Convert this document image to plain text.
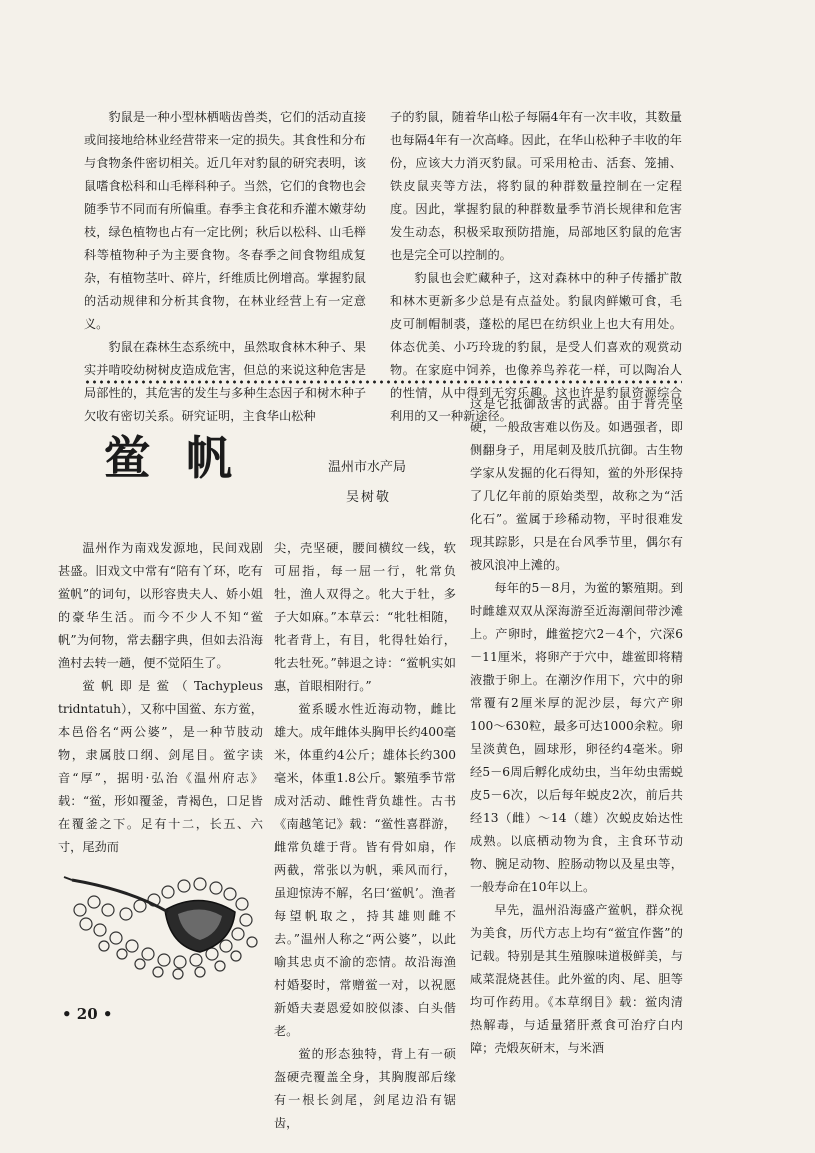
豹鼠是一种小型林栖啮齿兽类，它们的活动直接或间接地给林业经营带来一定的损失。其食性和分布与食物条件密切相关。近几年对豹鼠的研究表明，该鼠嗜食松科和山毛榉科种子。当然，它们的食物也会随季节不同而有所偏重。春季主食花和乔灌木嫩芽幼枝，绿色植物也占有一定比例；秋后以松科、山毛榉科等植物种子为主要食物。冬春季之间食物组成复杂，有植物茎叶、碎片，纤维质比例增高。掌握豹鼠的活动规律和分析其食物，在林业经营上有一定意义。

豹鼠在森林生态系统中，虽然取食林木种子、果实并啃咬幼树树皮造成危害，但总的来说这种危害是局部性的，其危害的发生与多种生态因子和树木种子欠收有密切关系。研究证明，主食华山松种

子的豹鼠，随着华山松子每隔4年有一次丰收，其数量也每隔4年有一次高峰。因此，在华山松种子丰收的年份，应该大力消灭豹鼠。可采用枪击、活套、笼捕、铁皮鼠夹等方法，将豹鼠的种群数量控制在一定程度。因此，掌握豹鼠的种群数量季节消长规律和危害发生动态，积极采取预防措施，局部地区豹鼠的危害也是完全可以控制的。

豹鼠也会贮藏种子，这对森林中的种子传播扩散和林木更新多少总是有点益处。豹鼠肉鲜嫩可食，毛皮可制帽制裘，蓬松的尾巴在纺织业上也大有用处。体态优美、小巧玲珑的豹鼠，是受人们喜欢的观赏动物。在家庭中饲养，也像养鸟养花一样，可以陶冶人的性情，从中得到无穷乐趣。这也许是豹鼠资源综合利用的又一种新途径。

鲎帆	温州市水产局
吴树敬

温州作为南戏发源地，民间戏剧甚盛。旧戏文中常有“陪有丫环，吃有鲎帆”的词句，以形容贵夫人、娇小姐的豪华生活。而今不少人不知“鲎帆”为何物，常去翻字典，但如去沿海渔村去转一趟，便不觉陌生了。

鲎帆即是鲎（Tachypleus tridntatuh），又称中国鲎、东方鲎，本邑俗名“两公婆”，是一种节肢动物，隶属肢口纲、剑尾目。鲎字读音“厚”，据明·弘治《温州府志》载：“鲎，形如覆釜，青褐色，口足皆在覆釜之下。足有十二，长五、六寸，尾劲而

尖，壳坚硬，腰间横纹一线，软可屈指，每一屈一行，牝常负牡，渔人双得之。牝大于牡，多子大如麻。”本草云：“牝牡相随，牝者背上，有目，牝得牡始行，牝去牡死。”韩退之诗：“鲎帆实如惠，首眼相附行。”

鲎系暖水性近海动物，雌比雄大。成年雌体头胸甲长约400毫米，体重约4公斤；雄体长约300毫米，体重1.8公斤。繁殖季节常成对活动、雌性背负雄性。古书《南越笔记》载：“鲎性喜群游，雌常负雄于背。皆有骨如扇，作两截，常张以为帆，乘风而行，虽迎惊涛不解，名曰‘鲎帆’。渔者每望帆取之，持其雄则雌不去。”温州人称之“两公婆”，以此喻其忠贞不渝的恋情。故沿海渔村婚娶时，常赠鲎一对，以祝愿新婚夫妻恩爱如胶似漆、白头偕老。

鲎的形态独特，背上有一硕盔硬壳覆盖全身，其胸腹部后缘有一根长剑尾，剑尾边沿有锯齿，

这是它抵御敌害的武器。由于背壳坚硬，一般敌害难以伤及。如遇强者，即侧翻身子，用尾刺及肢爪抗御。古生物学家从发掘的化石得知，鲎的外形保持了几亿年前的原始类型，故称之为“活化石”。鲎属于珍稀动物，平时很难发现其踪影，只是在台风季节里，偶尔有被风浪冲上滩的。

每年的5－8月，为鲎的繁殖期。到时雌雄双双从深海游至近海潮间带沙滩上。产卵时，雌鲎挖穴2－4个，穴深6－11厘米，将卵产于穴中，雄鲎即将精液撒于卵上。在潮汐作用下，穴中的卵常覆有2厘米厚的泥沙层，每穴产卵100～630粒，最多可达1000余粒。卵呈淡黄色，圆球形，卵径约4毫米。卵经5－6周后孵化成幼虫，当年幼虫需蜕皮5－6次，以后每年蜕皮2次，前后共经13（雌）～14（雄）次蜕皮始达性成熟。以底栖动物为食，主食环节动物、腕足动物、腔肠动物以及星虫等，一般寿命在10年以上。

早先，温州沿海盛产鲎帆，群众视为美食，历代方志上均有“鲎宜作酱”的记载。特别是其生殖腺味道极鲜美，与咸菜混烧甚佳。此外鲎的肉、尾、胆等均可作药用。《本草纲目》载：鲎肉清热解毒，与适量猪肝煮食可治疗白内障；壳煅灰研末，与米酒

• 20 •
